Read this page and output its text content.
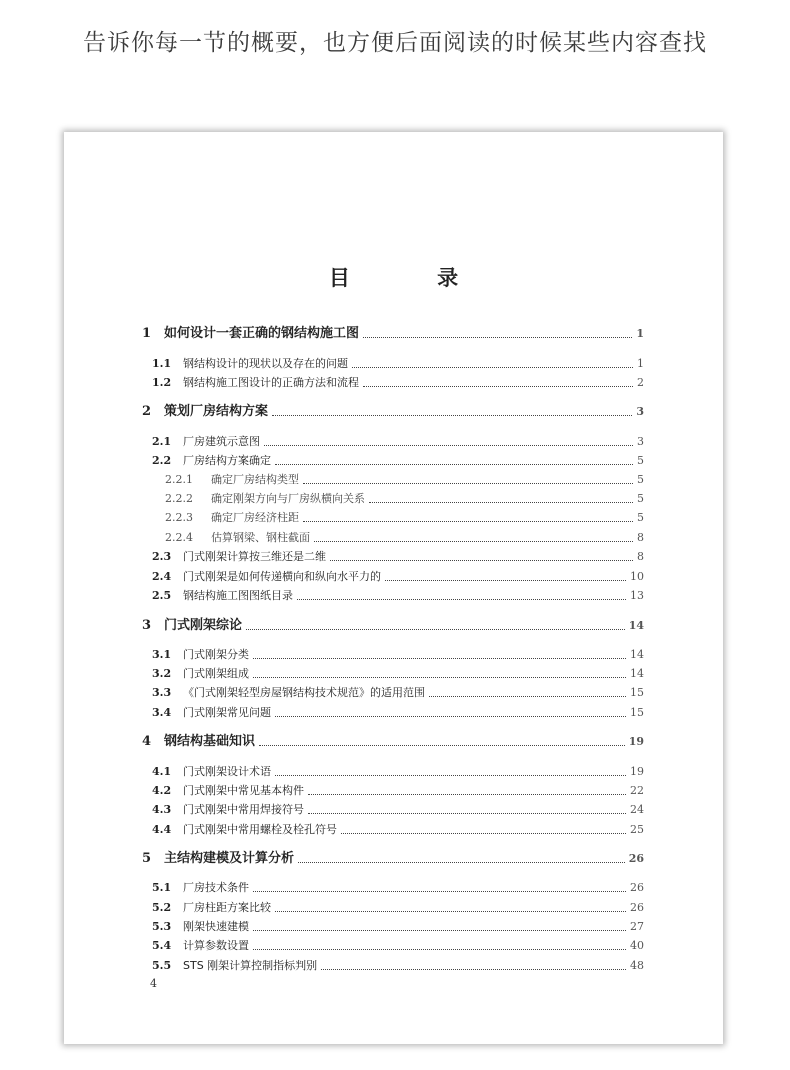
告诉你每一节的概要，也方便后面阅读的时候某些内容查找
目 录
1 如何设计一套正确的钢结构施工图	1
1.1	钢结构设计的现状以及存在的问题	1
1.2	钢结构施工图设计的正确方法和流程	2
2 策划厂房结构方案	3
2.1	厂房建筑示意图	3
2.2	厂房结构方案确定	5
2.2.1	确定厂房结构类型	5
2.2.2	确定刚架方向与厂房纵横向关系	5
2.2.3	确定厂房经济柱距	5
2.2.4	估算钢梁、钢柱截面	8
2.3	门式刚架计算按三维还是二维	8
2.4	门式刚架是如何传递横向和纵向水平力的	10
2.5	钢结构施工图图纸目录	13
3 门式刚架综论	14
3.1	门式刚架分类	14
3.2	门式刚架组成	14
3.3	《门式刚架轻型房屋钢结构技术规范》的适用范围	15
3.4	门式刚架常见问题	15
4 钢结构基础知识	19
4.1	门式刚架设计术语	19
4.2	门式刚架中常见基本构件	22
4.3	门式刚架中常用焊接符号	24
4.4	门式刚架中常用螺栓及栓孔符号	25
5 主结构建模及计算分析	26
5.1	厂房技术条件	26
5.2	厂房柱距方案比较	26
5.3	刚架快速建模	27
5.4	计算参数设置	40
5.5	STS 刚架计算控制指标判别	48
4
